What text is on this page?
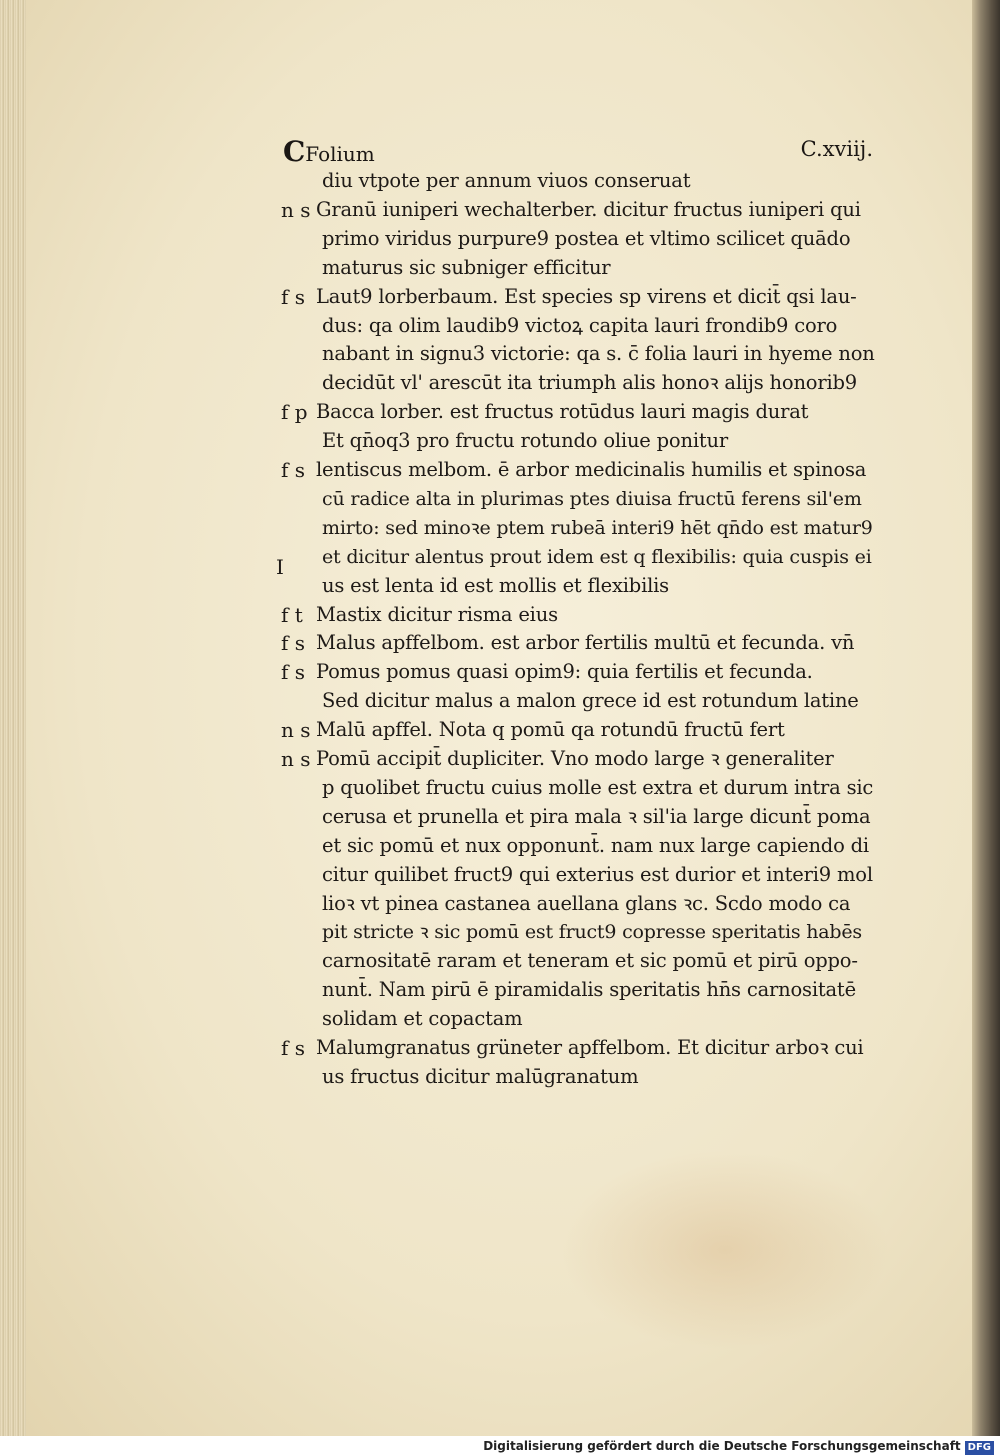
CFolium	C.xviij.
diu vtpote per annum viuos conseruat
n s Granū iuniperi wechalterber. dicitur fructus iuniperi qui
primo viridus purpure9 postea et vltimo scilicet quādo
maturus sic subniger efficitur
f s Laut9 lorberbaum. Est species sp virens et dicit̄ qsi lau-
dus: qa olim laudib9 victoꝝ capita lauri frondib9 coro
nabant in signu3 victorie: qa s. c̄ folia lauri in hyeme non
decidūt vl' arescūt ita triumph alis honoꝛ alijs honorib9
f p Bacca lorber. est fructus rotūdus lauri magis durat
Et qn̄oq3 pro fructu rotundo oliue ponitur
f s lentiscus melbom. ē arbor medicinalis humilis et spinosa
cū radice alta in plurimas ptes diuisa fructū ferens sil'em
mirto: sed minoꝛe ptem rubeā interi9 hēt qn̄do est matur9
et dicitur alentus prout idem est q flexibilis: quia cuspis ei
us est lenta id est mollis et flexibilis
f t Mastix dicitur risma eius
f s Malus apffelbom. est arbor fertilis multū et fecunda. vn̄
f s Pomus pomus quasi opim9: quia fertilis et fecunda.
Sed dicitur malus a malon grece id est rotundum latine
n s Malū apffel. Nota q pomū qa rotundū fructū fert
n s Pomū accipit̄ dupliciter. Vno modo large ꝛ generaliter
p quolibet fructu cuius molle est extra et durum intra sic
cerusa et prunella et pira mala ꝛ sil'ia large dicunt̄ poma
et sic pomū et nux opponunt̄. nam nux large capiendo di
citur quilibet fruct9 qui exterius est durior et interi9 mol
lioꝛ vt pinea castanea auellana glans ꝛc. Scdo modo ca
pit stricte ꝛ sic pomū est fruct9 copresse speritatis habēs
carnositatē raram et teneram et sic pomū et pirū oppo-
nunt̄. Nam pirū ē piramidalis speritatis hn̄s carnositatē
solidam et copactam
f s Malumgranatus grüneter apffelbom. Et dicitur arboꝛ cui
us fructus dicitur malūgranatum
I
Digitalisierung gefördert durch die Deutsche Forschungsgemeinschaft DFG
